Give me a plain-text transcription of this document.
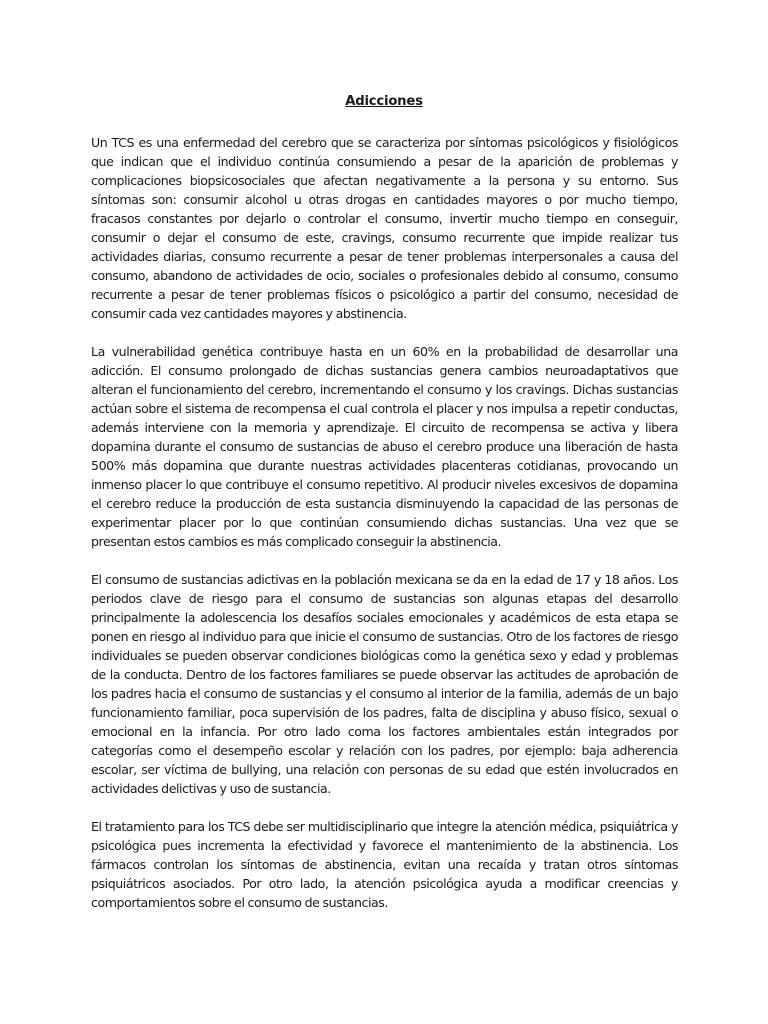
Adicciones

Un TCS es una enfermedad del cerebro que se caracteriza por síntomas psicológicos y fisiológicos que indican que el individuo continúa consumiendo a pesar de la aparición de problemas y complicaciones biopsicosociales que afectan negativamente a la persona y su entorno. Sus síntomas son: consumir alcohol u otras drogas en cantidades mayores o por mucho tiempo, fracasos constantes por dejarlo o controlar el consumo, invertir mucho tiempo en conseguir, consumir o dejar el consumo de este, cravings, consumo recurrente que impide realizar tus actividades diarias, consumo recurrente a pesar de tener problemas interpersonales a causa del consumo, abandono de actividades de ocio, sociales o profesionales debido al consumo, consumo recurrente a pesar de tener problemas físicos o psicológico a partir del consumo, necesidad de consumir cada vez cantidades mayores y abstinencia.

La vulnerabilidad genética contribuye hasta en un 60% en la probabilidad de desarrollar una adicción. El consumo prolongado de dichas sustancias genera cambios neuroadaptativos que alteran el funcionamiento del cerebro, incrementando el consumo y los cravings. Dichas sustancias actúan sobre el sistema de recompensa el cual controla el placer y nos impulsa a repetir conductas, además interviene con la memoria y aprendizaje. El circuito de recompensa se activa y libera dopamina durante el consumo de sustancias de abuso el cerebro produce una liberación de hasta 500% más dopamina que durante nuestras actividades placenteras cotidianas, provocando un inmenso placer lo que contribuye el consumo repetitivo. Al producir niveles excesivos de dopamina el cerebro reduce la producción de esta sustancia disminuyendo la capacidad de las personas de experimentar placer por lo que continúan consumiendo dichas sustancias. Una vez que se presentan estos cambios es más complicado conseguir la abstinencia.

El consumo de sustancias adictivas en la población mexicana se da en la edad de 17 y 18 años. Los periodos clave de riesgo para el consumo de sustancias son algunas etapas del desarrollo principalmente la adolescencia los desafíos sociales emocionales y académicos de esta etapa se ponen en riesgo al individuo para que inicie el consumo de sustancias. Otro de los factores de riesgo individuales se pueden observar condiciones biológicas como la genética sexo y edad y problemas de la conducta. Dentro de los factores familiares se puede observar las actitudes de aprobación de los padres hacia el consumo de sustancias y el consumo al interior de la familia, además de un bajo funcionamiento familiar, poca supervisión de los padres, falta de disciplina y abuso físico, sexual o emocional en la infancia. Por otro lado coma los factores ambientales están integrados por categorías como el desempeño escolar y relación con los padres, por ejemplo: baja adherencia escolar, ser víctima de bullying, una relación con personas de su edad que estén involucrados en actividades delictivas y uso de sustancia.

El tratamiento para los TCS debe ser multidisciplinario que integre la atención médica, psiquiátrica y psicológica pues incrementa la efectividad y favorece el mantenimiento de la abstinencia. Los fármacos controlan los síntomas de abstinencia, evitan una recaída y tratan otros síntomas psiquiátricos asociados. Por otro lado, la atención psicológica ayuda a modificar creencias y comportamientos sobre el consumo de sustancias.
